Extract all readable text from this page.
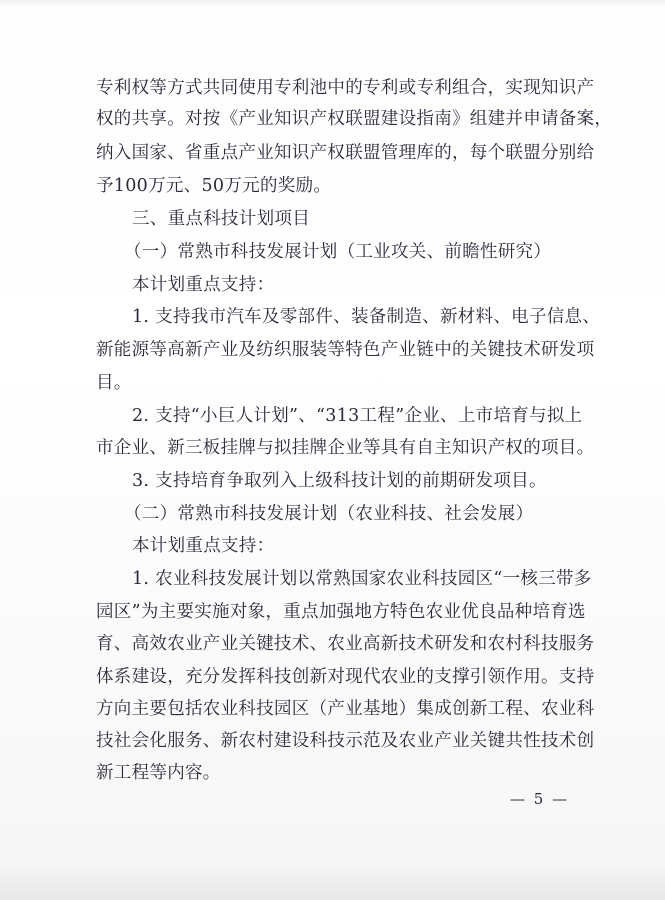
专利权等方式共同使用专利池中的专利或专利组合，实现知识产
权的共享。对按《产业知识产权联盟建设指南》组建并申请备案，
纳入国家、省重点产业知识产权联盟管理库的，每个联盟分别给
予100万元、50万元的奖励。
三、重点科技计划项目
（一）常熟市科技发展计划（工业攻关、前瞻性研究）
本计划重点支持：
1. 支持我市汽车及零部件、装备制造、新材料、电子信息、
新能源等高新产业及纺织服装等特色产业链中的关键技术研发项
目。
2. 支持“小巨人计划”、“313工程”企业、上市培育与拟上
市企业、新三板挂牌与拟挂牌企业等具有自主知识产权的项目。
3. 支持培育争取列入上级科技计划的前期研发项目。
（二）常熟市科技发展计划（农业科技、社会发展）
本计划重点支持：
1. 农业科技发展计划以常熟国家农业科技园区“一核三带多
园区”为主要实施对象，重点加强地方特色农业优良品种培育选
育、高效农业产业关键技术、农业高新技术研发和农村科技服务
体系建设，充分发挥科技创新对现代农业的支撑引领作用。支持
方向主要包括农业科技园区（产业基地）集成创新工程、农业科
技社会化服务、新农村建设科技示范及农业产业关键共性技术创
新工程等内容。
— 5 —
